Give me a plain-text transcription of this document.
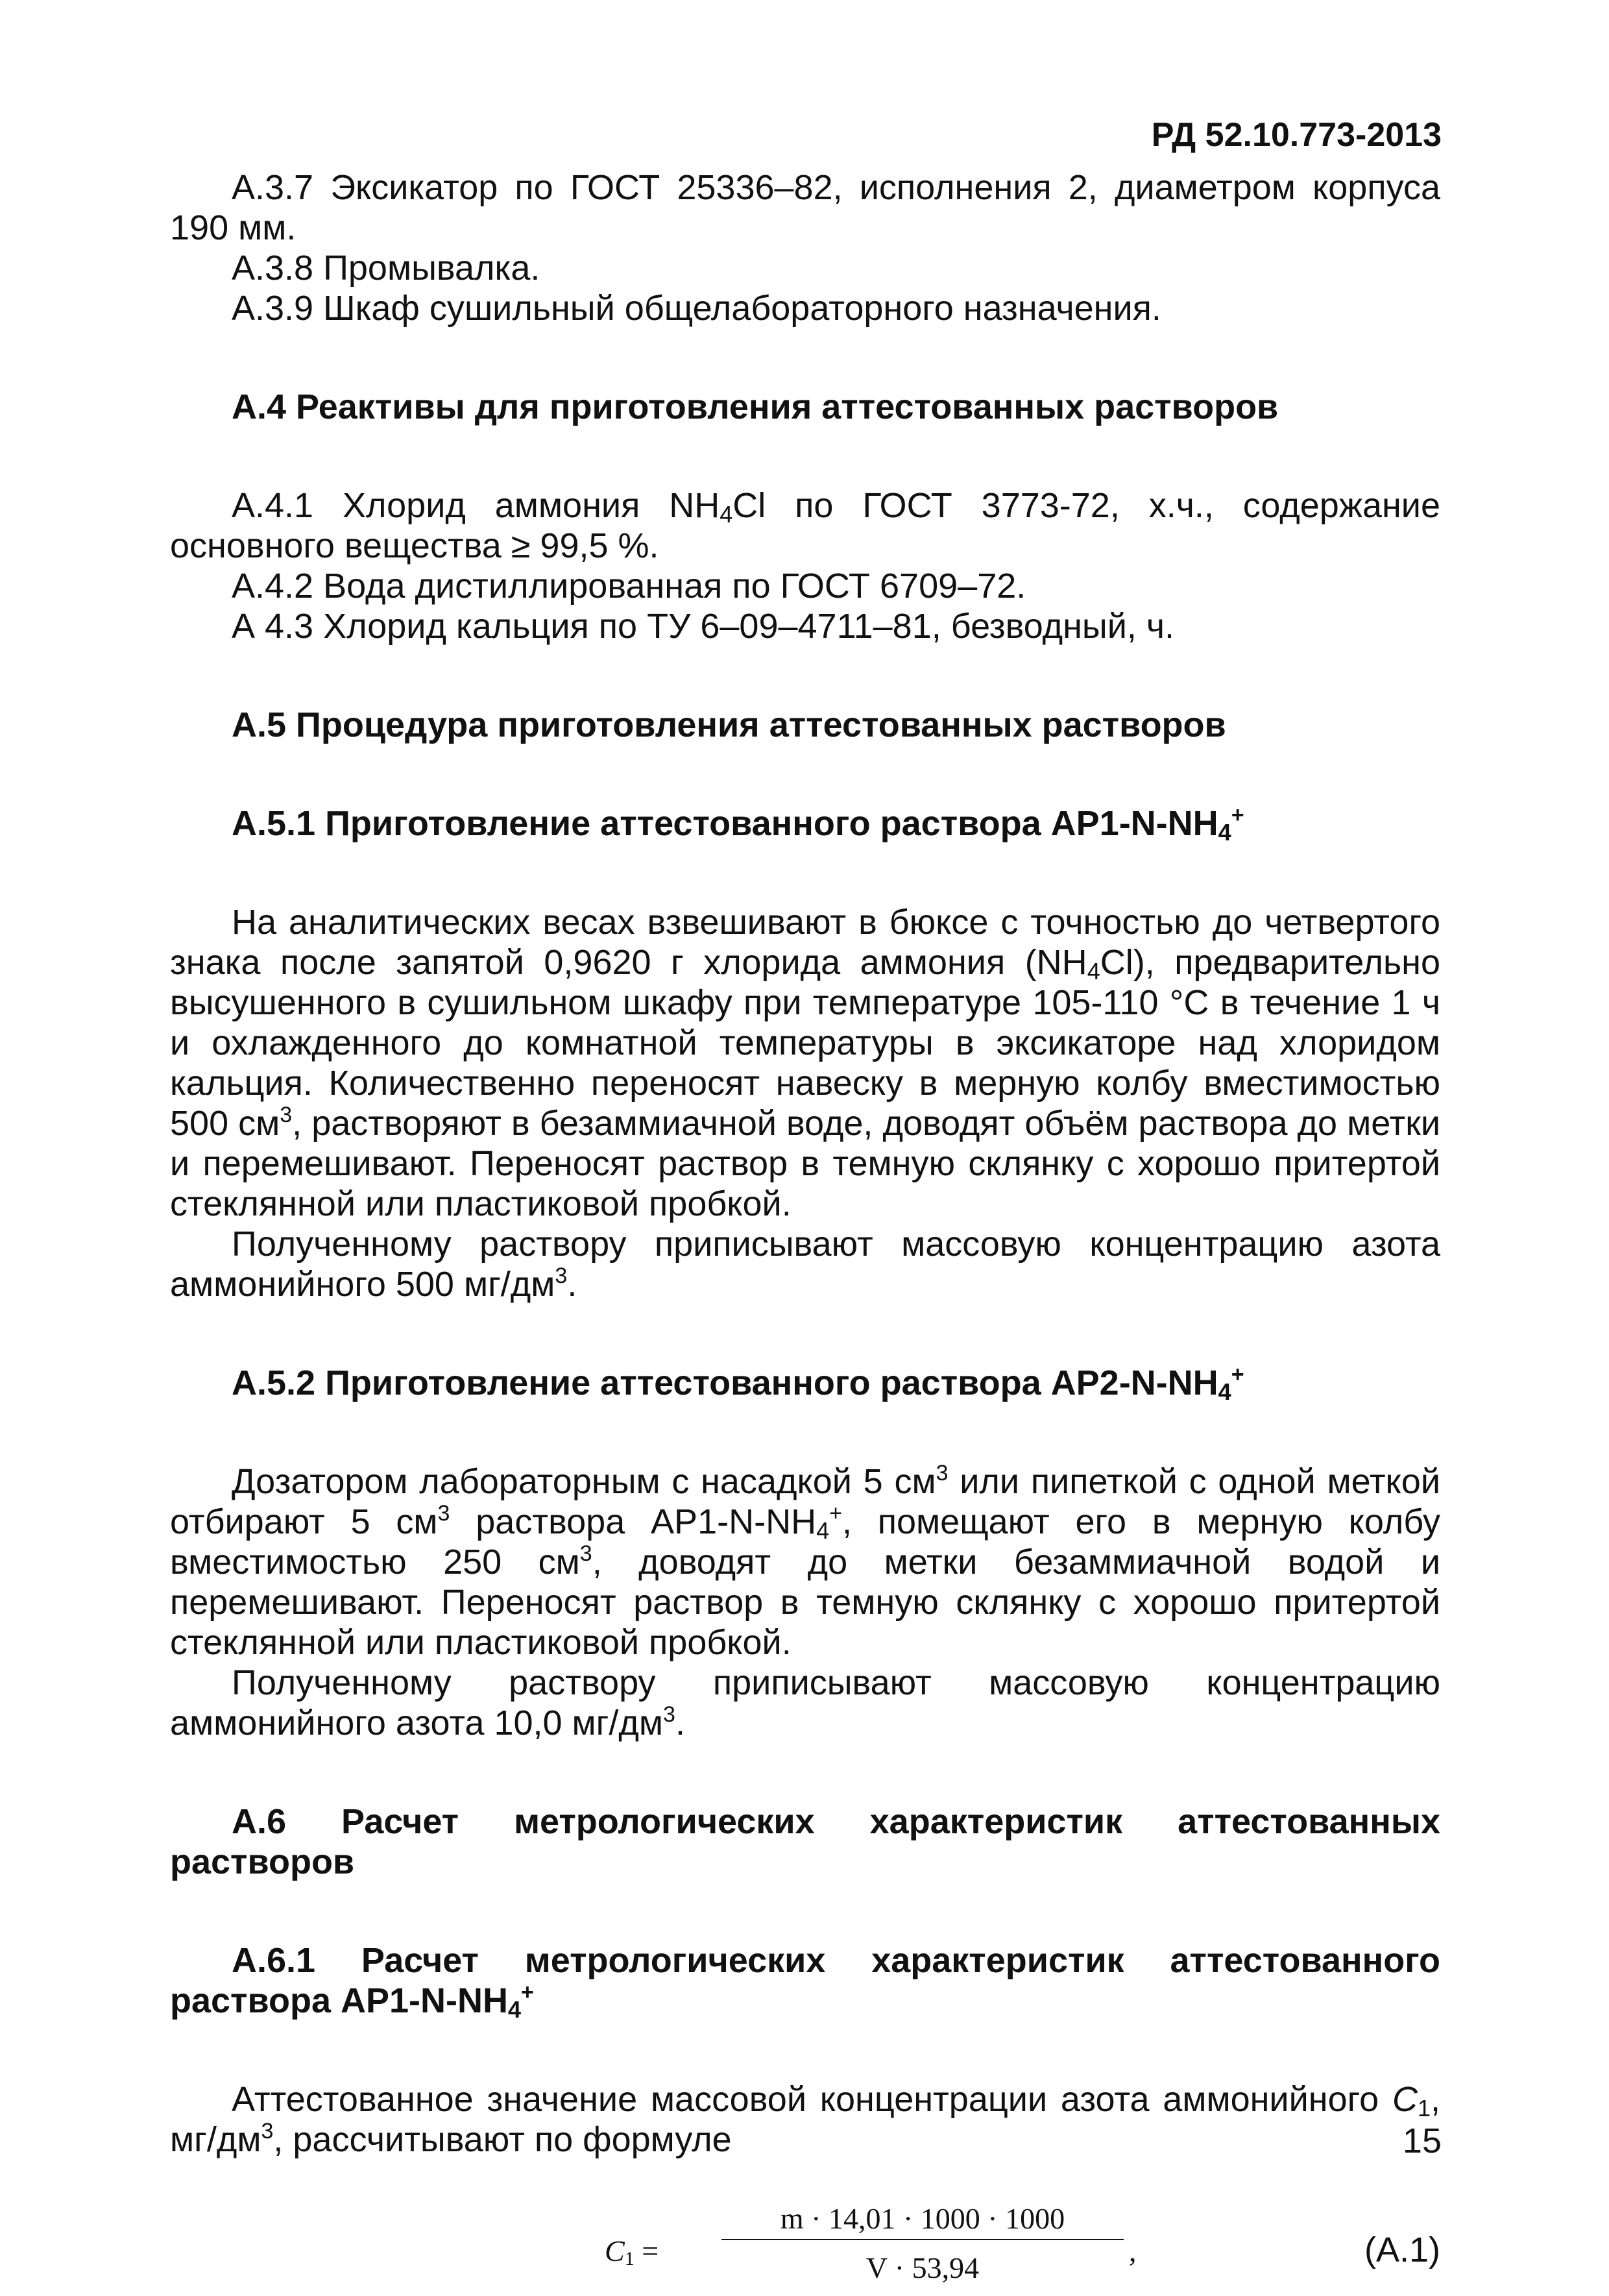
РД 52.10.773-2013

А.3.7 Эксикатор по ГОСТ 25336–82, исполнения 2, диаметром корпуса 190 мм.

А.3.8 Промывалка.

А.3.9 Шкаф сушильный общелабораторного назначения.

А.4 Реактивы для приготовления аттестованных растворов

А.4.1 Хлорид аммония $NH_4Cl$ по ГОСТ 3773-72, х.ч., содержание основного вещества ≥ 99,5 %.

А.4.2 Вода дистиллированная по ГОСТ 6709–72.

А 4.3 Хлорид кальция по ТУ 6–09–4711–81, безводный, ч.

А.5 Процедура приготовления аттестованных растворов
А.5.1 Приготовление аттестованного раствора $АР1-N-NH_4^+$

На аналитических весах взвешивают в бюксе с точностью до четвертого знака после запятой 0,9620 г хлорида аммония $(NH_4Cl)$, предварительно высушенного в сушильном шкафу при температуре 105-110 °С в течение 1 ч и охлажденного до комнатной температуры в эксикаторе над хлоридом кальция. Количественно переносят навеску в мерную колбу вместимостью 500 $см^3$, растворяют в безаммиачной воде, доводят объём раствора до метки и перемешивают. Переносят раствор в темную склянку с хорошо притертой стеклянной или пластиковой пробкой.

Полученному раствору приписывают массовую концентрацию азота аммонийного 500 $мг/дм^3$.

А.5.2 Приготовление аттестованного раствора $АР2-N-NH_4^+$

Дозатором лабораторным с насадкой 5 $см^3$ или пипеткой с одной меткой отбирают 5 $см^3$ раствора $АР1-N-NH_4^+$, помещают его в мерную колбу вместимостью 250 $см^3$, доводят до метки безаммиачной водой и перемешивают. Переносят раствор в темную склянку с хорошо притертой стеклянной или пластиковой пробкой.

Полученному раствору приписывают массовую концентрацию аммонийного азота 10,0 $мг/дм^3$.

А.6 Расчет метрологических характеристик аттестованных растворов
А.6.1 Расчет метрологических характеристик аттестованного раствора $АР1-N-NH_4^+$

Аттестованное значение массовой концентрации азота аммонийного $С_1$, $мг/дм^3$, рассчитывают по формуле

$C_1$ =
m · 14,01 · 1000 · 1000
V · 53,94
,	(А.1)
15
